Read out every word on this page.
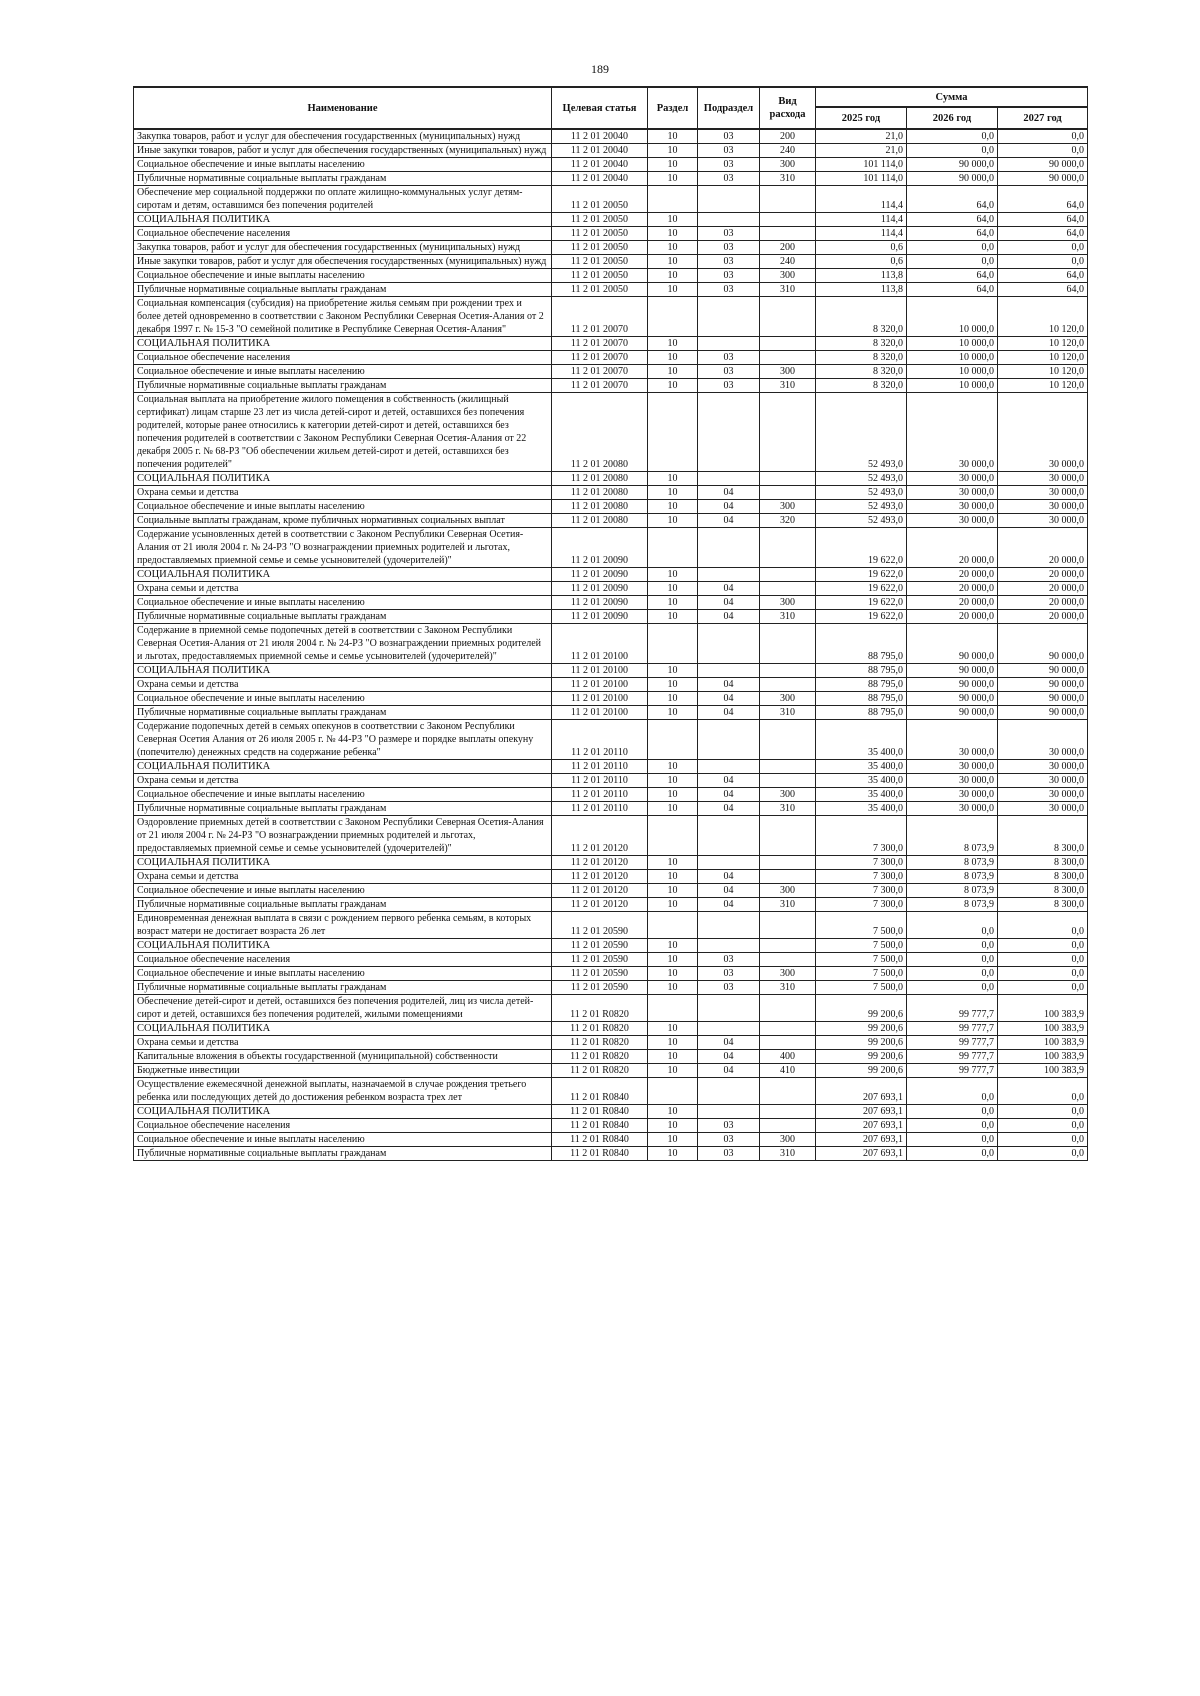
189
Наименование	Целевая статья	Раздел	Подраздел	Вид расхода	Сумма		
					2025 год	2026 год	2027 год
Закупка товаров, работ и услуг для обеспечения государственных (муниципальных) нужд	11 2 01 20040	10	03	200	21,0	0,0	0,0
Иные закупки товаров, работ и услуг для обеспечения государственных (муниципальных) нужд	11 2 01 20040	10	03	240	21,0	0,0	0,0
Социальное обеспечение и иные выплаты населению	11 2 01 20040	10	03	300	101 114,0	90 000,0	90 000,0
Публичные нормативные социальные выплаты гражданам	11 2 01 20040	10	03	310	101 114,0	90 000,0	90 000,0
Обеспечение мер социальной поддержки по оплате жилищно-коммунальных услуг детям-сиротам и детям, оставшимся без попечения родителей	11 2 01 20050				114,4	64,0	64,0
СОЦИАЛЬНАЯ ПОЛИТИКА	11 2 01 20050	10			114,4	64,0	64,0
Социальное обеспечение населения	11 2 01 20050	10	03		114,4	64,0	64,0
Закупка товаров, работ и услуг для обеспечения государственных (муниципальных) нужд	11 2 01 20050	10	03	200	0,6	0,0	0,0
Иные закупки товаров, работ и услуг для обеспечения государственных (муниципальных) нужд	11 2 01 20050	10	03	240	0,6	0,0	0,0
Социальное обеспечение и иные выплаты населению	11 2 01 20050	10	03	300	113,8	64,0	64,0
Публичные нормативные социальные выплаты гражданам	11 2 01 20050	10	03	310	113,8	64,0	64,0
Социальная компенсация (субсидия) на приобретение жилья семьям при рождении трех и более детей одновременно в соответствии с Законом Республики Северная Осетия-Алания от 2 декабря 1997 г. № 15-З "О семейной политике в Республике Северная Осетия-Алания"	11 2 01 20070				8 320,0	10 000,0	10 120,0
СОЦИАЛЬНАЯ ПОЛИТИКА	11 2 01 20070	10			8 320,0	10 000,0	10 120,0
Социальное обеспечение населения	11 2 01 20070	10	03		8 320,0	10 000,0	10 120,0
Социальное обеспечение и иные выплаты населению	11 2 01 20070	10	03	300	8 320,0	10 000,0	10 120,0
Публичные нормативные социальные выплаты гражданам	11 2 01 20070	10	03	310	8 320,0	10 000,0	10 120,0
Социальная выплата на приобретение жилого помещения в собственность (жилищный сертификат) лицам старше 23 лет из числа детей-сирот и детей, оставшихся без попечения родителей, которые ранее относились к категории детей-сирот и детей, оставшихся без попечения родителей в соответствии с Законом Республики Северная Осетия-Алания от 22 декабря 2005 г. № 68-РЗ "Об обеспечении жильем детей-сирот и детей, оставшихся без попечения родителей"	11 2 01 20080				52 493,0	30 000,0	30 000,0
СОЦИАЛЬНАЯ ПОЛИТИКА	11 2 01 20080	10			52 493,0	30 000,0	30 000,0
Охрана семьи и детства	11 2 01 20080	10	04		52 493,0	30 000,0	30 000,0
Социальное обеспечение и иные выплаты населению	11 2 01 20080	10	04	300	52 493,0	30 000,0	30 000,0
Социальные выплаты гражданам, кроме публичных нормативных социальных выплат	11 2 01 20080	10	04	320	52 493,0	30 000,0	30 000,0
Содержание усыновленных детей в соответствии с Законом Республики Северная Осетия-Алания от 21 июля 2004 г. № 24-РЗ "О вознаграждении приемных родителей и льготах, предоставляемых приемной семье и семье усыновителей (удочерителей)"	11 2 01 20090				19 622,0	20 000,0	20 000,0
СОЦИАЛЬНАЯ ПОЛИТИКА	11 2 01 20090	10			19 622,0	20 000,0	20 000,0
Охрана семьи и детства	11 2 01 20090	10	04		19 622,0	20 000,0	20 000,0
Социальное обеспечение и иные выплаты населению	11 2 01 20090	10	04	300	19 622,0	20 000,0	20 000,0
Публичные нормативные социальные выплаты гражданам	11 2 01 20090	10	04	310	19 622,0	20 000,0	20 000,0
Содержание в приемной семье подопечных детей в соответствии с Законом Республики Северная Осетия-Алания от 21 июля 2004 г. № 24-РЗ "О вознаграждении приемных родителей и льготах, предоставляемых приемной семье и семье усыновителей (удочерителей)"	11 2 01 20100				88 795,0	90 000,0	90 000,0
СОЦИАЛЬНАЯ ПОЛИТИКА	11 2 01 20100	10			88 795,0	90 000,0	90 000,0
Охрана семьи и детства	11 2 01 20100	10	04		88 795,0	90 000,0	90 000,0
Социальное обеспечение и иные выплаты населению	11 2 01 20100	10	04	300	88 795,0	90 000,0	90 000,0
Публичные нормативные социальные выплаты гражданам	11 2 01 20100	10	04	310	88 795,0	90 000,0	90 000,0
Содержание подопечных детей в семьях опекунов в соответствии с Законом Республики Северная Осетия Алания от 26 июля 2005 г. № 44-РЗ "О размере и порядке выплаты опекуну (попечителю) денежных средств на содержание ребенка"	11 2 01 20110				35 400,0	30 000,0	30 000,0
СОЦИАЛЬНАЯ ПОЛИТИКА	11 2 01 20110	10			35 400,0	30 000,0	30 000,0
Охрана семьи и детства	11 2 01 20110	10	04		35 400,0	30 000,0	30 000,0
Социальное обеспечение и иные выплаты населению	11 2 01 20110	10	04	300	35 400,0	30 000,0	30 000,0
Публичные нормативные социальные выплаты гражданам	11 2 01 20110	10	04	310	35 400,0	30 000,0	30 000,0
Оздоровление приемных детей в соответствии с Законом Республики Северная Осетия-Алания от 21 июля 2004 г. № 24-РЗ "О вознаграждении приемных родителей и льготах, предоставляемых приемной семье и семье усыновителей (удочерителей)"	11 2 01 20120				7 300,0	8 073,9	8 300,0
СОЦИАЛЬНАЯ ПОЛИТИКА	11 2 01 20120	10			7 300,0	8 073,9	8 300,0
Охрана семьи и детства	11 2 01 20120	10	04		7 300,0	8 073,9	8 300,0
Социальное обеспечение и иные выплаты населению	11 2 01 20120	10	04	300	7 300,0	8 073,9	8 300,0
Публичные нормативные социальные выплаты гражданам	11 2 01 20120	10	04	310	7 300,0	8 073,9	8 300,0
Единовременная денежная выплата в связи с рождением первого ребенка семьям, в которых возраст матери не достигает возраста 26 лет	11 2 01 20590				7 500,0	0,0	0,0
СОЦИАЛЬНАЯ ПОЛИТИКА	11 2 01 20590	10			7 500,0	0,0	0,0
Социальное обеспечение населения	11 2 01 20590	10	03		7 500,0	0,0	0,0
Социальное обеспечение и иные выплаты населению	11 2 01 20590	10	03	300	7 500,0	0,0	0,0
Публичные нормативные социальные выплаты гражданам	11 2 01 20590	10	03	310	7 500,0	0,0	0,0
Обеспечение детей-сирот и детей, оставшихся без попечения родителей, лиц из числа детей-сирот и детей, оставшихся без попечения родителей, жилыми помещениями	11 2 01 R0820				99 200,6	99 777,7	100 383,9
СОЦИАЛЬНАЯ ПОЛИТИКА	11 2 01 R0820	10			99 200,6	99 777,7	100 383,9
Охрана семьи и детства	11 2 01 R0820	10	04		99 200,6	99 777,7	100 383,9
Капитальные вложения в объекты государственной (муниципальной) собственности	11 2 01 R0820	10	04	400	99 200,6	99 777,7	100 383,9
Бюджетные инвестиции	11 2 01 R0820	10	04	410	99 200,6	99 777,7	100 383,9
Осуществление ежемесячной денежной выплаты, назначаемой в случае рождения третьего ребенка или последующих детей до достижения ребенком возраста трех лет	11 2 01 R0840				207 693,1	0,0	0,0
СОЦИАЛЬНАЯ ПОЛИТИКА	11 2 01 R0840	10			207 693,1	0,0	0,0
Социальное обеспечение населения	11 2 01 R0840	10	03		207 693,1	0,0	0,0
Социальное обеспечение и иные выплаты населению	11 2 01 R0840	10	03	300	207 693,1	0,0	0,0
Публичные нормативные социальные выплаты гражданам	11 2 01 R0840	10	03	310	207 693,1	0,0	0,0
